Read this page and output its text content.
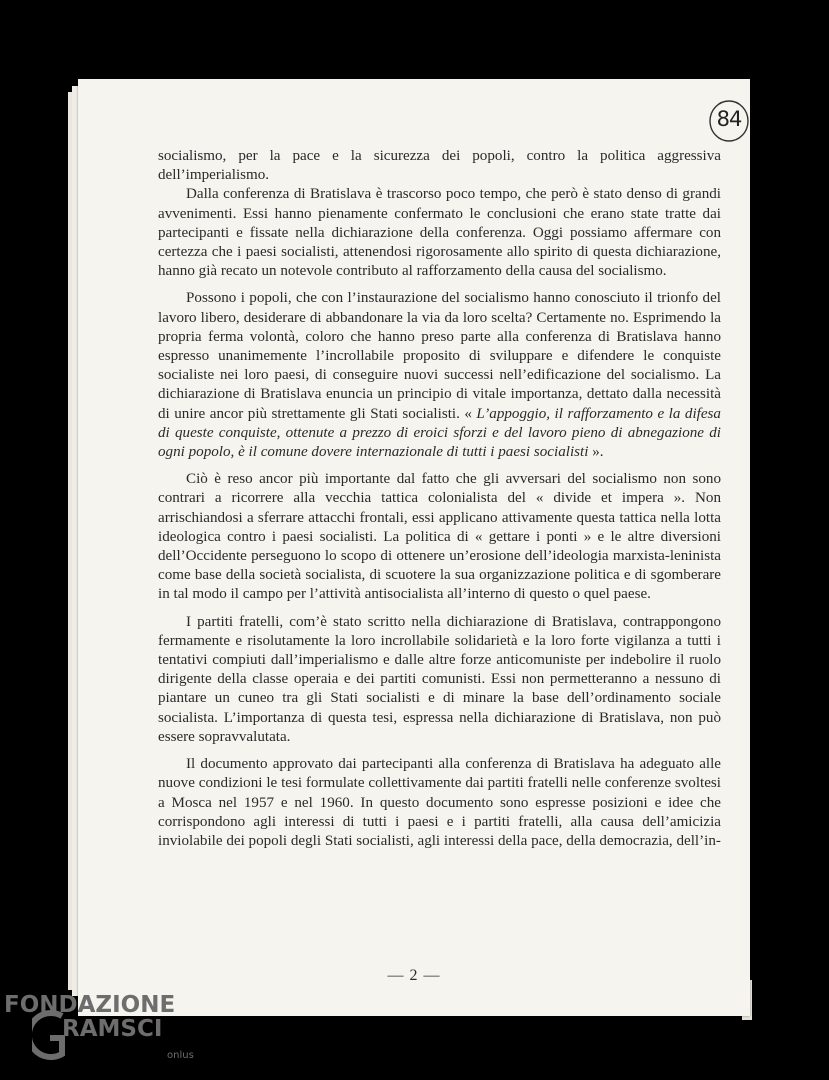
84

socialismo, per la pace e la sicurezza dei popoli, contro la politica aggressiva dell’imperialismo.

Dalla conferenza di Bratislava è trascorso poco tempo, che però è stato denso di grandi avvenimenti. Essi hanno pienamente confermato le conclusioni che erano state tratte dai partecipanti e fissate nella dichiarazione della conferenza. Oggi possiamo affermare con certezza che i paesi socialisti, attenendosi rigorosamente allo spirito di questa dichiarazione, hanno già recato un notevole contributo al rafforzamento della causa del socialismo.

Possono i popoli, che con l’instaurazione del socialismo hanno conosciuto il trionfo del lavoro libero, desiderare di abbandonare la via da loro scelta? Certamente no. Esprimendo la propria ferma volontà, coloro che hanno preso parte alla conferenza di Bratislava hanno espresso unanimemente l’incrollabile proposito di sviluppare e difendere le conquiste socialiste nei loro paesi, di conseguire nuovi successi nell’edificazione del socialismo. La dichiarazione di Bratislava enuncia un principio di vitale importanza, dettato dalla necessità di unire ancor più strettamente gli Stati socialisti. « L’appoggio, il rafforzamento e la difesa di queste conquiste, ottenute a prezzo di eroici sforzi e del lavoro pieno di abnegazione di ogni popolo, è il comune dovere internazionale di tutti i paesi socialisti ».

Ciò è reso ancor più importante dal fatto che gli avversari del socialismo non sono contrari a ricorrere alla vecchia tattica colonialista del « divide et impera ». Non arrischiandosi a sferrare attacchi frontali, essi applicano attivamente questa tattica nella lotta ideologica contro i paesi socialisti. La politica di « gettare i ponti » e le altre diversioni dell’Occidente perseguono lo scopo di ottenere un’erosione dell’ideologia marxista-leninista come base della società socialista, di scuotere la sua organizzazione politica e di sgomberare in tal modo il campo per l’attività antisocialista all’interno di questo o quel paese.

I partiti fratelli, com’è stato scritto nella dichiarazione di Bratislava, contrappongono fermamente e risolutamente la loro incrollabile solidarietà e la loro forte vigilanza a tutti i tentativi compiuti dall’imperialismo e dalle altre forze anticomuniste per indebolire il ruolo dirigente della classe operaia e dei partiti comunisti. Essi non permetteranno a nessuno di piantare un cuneo tra gli Stati socialisti e di minare la base dell’ordinamento sociale socialista. L’importanza di questa tesi, espressa nella dichiarazione di Bratislava, non può essere sopravvalutata.

Il documento approvato dai partecipanti alla conferenza di Bratislava ha adeguato alle nuove condizioni le tesi formulate collettivamente dai partiti fratelli nelle conferenze svoltesi a Mosca nel 1957 e nel 1960. In questo documento sono espresse posizioni e idee che corrispondono agli interessi di tutti i paesi e i partiti fratelli, alla causa dell’amicizia inviolabile dei popoli degli Stati socialisti, agli interessi della pace, della democrazia, dell’in-

— 2 —
FONDAZIONE
RAMSCI
onlus
